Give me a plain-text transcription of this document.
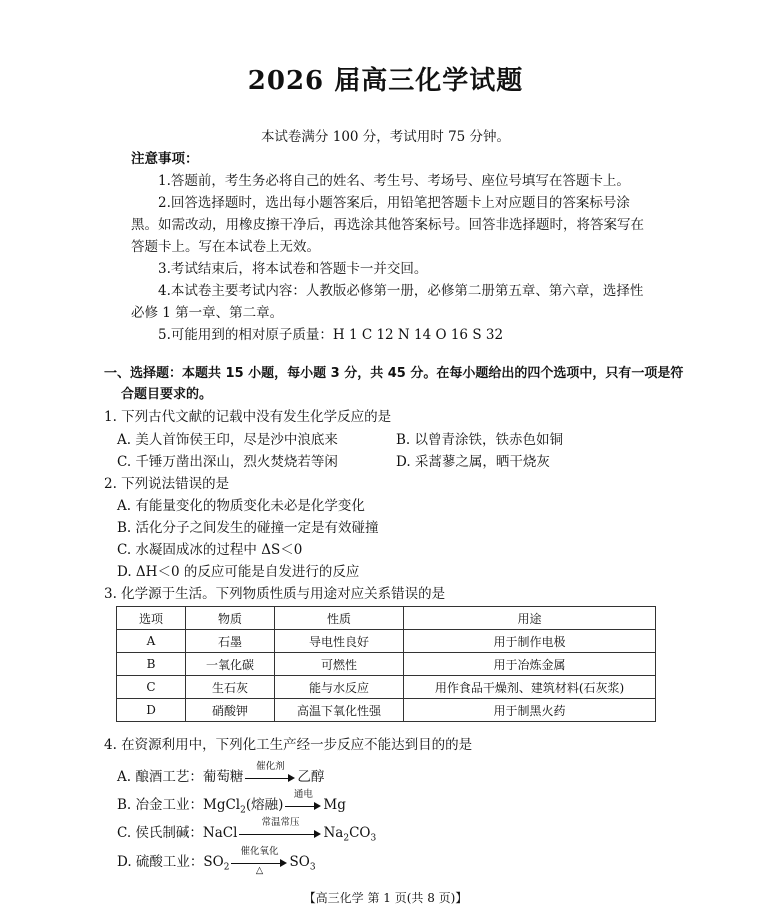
2026 届高三化学试题
本试卷满分 100 分，考试用时 75 分钟。
注意事项：
1.答题前，考生务必将自己的姓名、考生号、考场号、座位号填写在答题卡上。
2.回答选择题时，选出每小题答案后，用铅笔把答题卡上对应题目的答案标号涂
黑。如需改动，用橡皮擦干净后，再选涂其他答案标号。回答非选择题时，将答案写在
答题卡上。写在本试卷上无效。
3.考试结束后，将本试卷和答题卡一并交回。
4.本试卷主要考试内容：人教版必修第一册，必修第二册第五章、第六章，选择性
必修 1 第一章、第二章。
5.可能用到的相对原子质量：H 1 C 12 N 14 O 16 S 32
一、选择题：本题共 15 小题，每小题 3 分，共 45 分。在每小题给出的四个选项中，只有一项是符
合题目要求的。
1. 下列古代文献的记载中没有发生化学反应的是
A. 美人首饰侯王印，尽是沙中浪底来	B. 以曾青涂铁，铁赤色如铜
C. 千锤万凿出深山，烈火焚烧若等闲	D. 采蒿蓼之属，晒干烧灰
2. 下列说法错误的是
A. 有能量变化的物质变化未必是化学变化
B. 活化分子之间发生的碰撞一定是有效碰撞
C. 水凝固成冰的过程中 ΔS＜0
D. ΔH＜0 的反应可能是自发进行的反应
3. 化学源于生活。下列物质性质与用途对应关系错误的是
选项	物质	性质	用途
A	石墨	导电性良好	用于制作电极
B	一氧化碳	可燃性	用于冶炼金属
C	生石灰	能与水反应	用作食品干燥剂、建筑材料(石灰浆)
D	硝酸钾	高温下氧化性强	用于制黑火药
4. 在资源利用中，下列化工生产经一步反应不能达到目的的是
A. 酿酒工艺：葡萄糖
催化剂
乙醇
B. 冶金工业：MgCl$_2$(熔融)
通电
Mg
C. 侯氏制碱：NaCl
常温常压
$Na_2CO_3$
D. 硫酸工业：$SO_2$
催化氧化
△	$SO_3$
【高三化学 第 1 页(共 8 页)】
